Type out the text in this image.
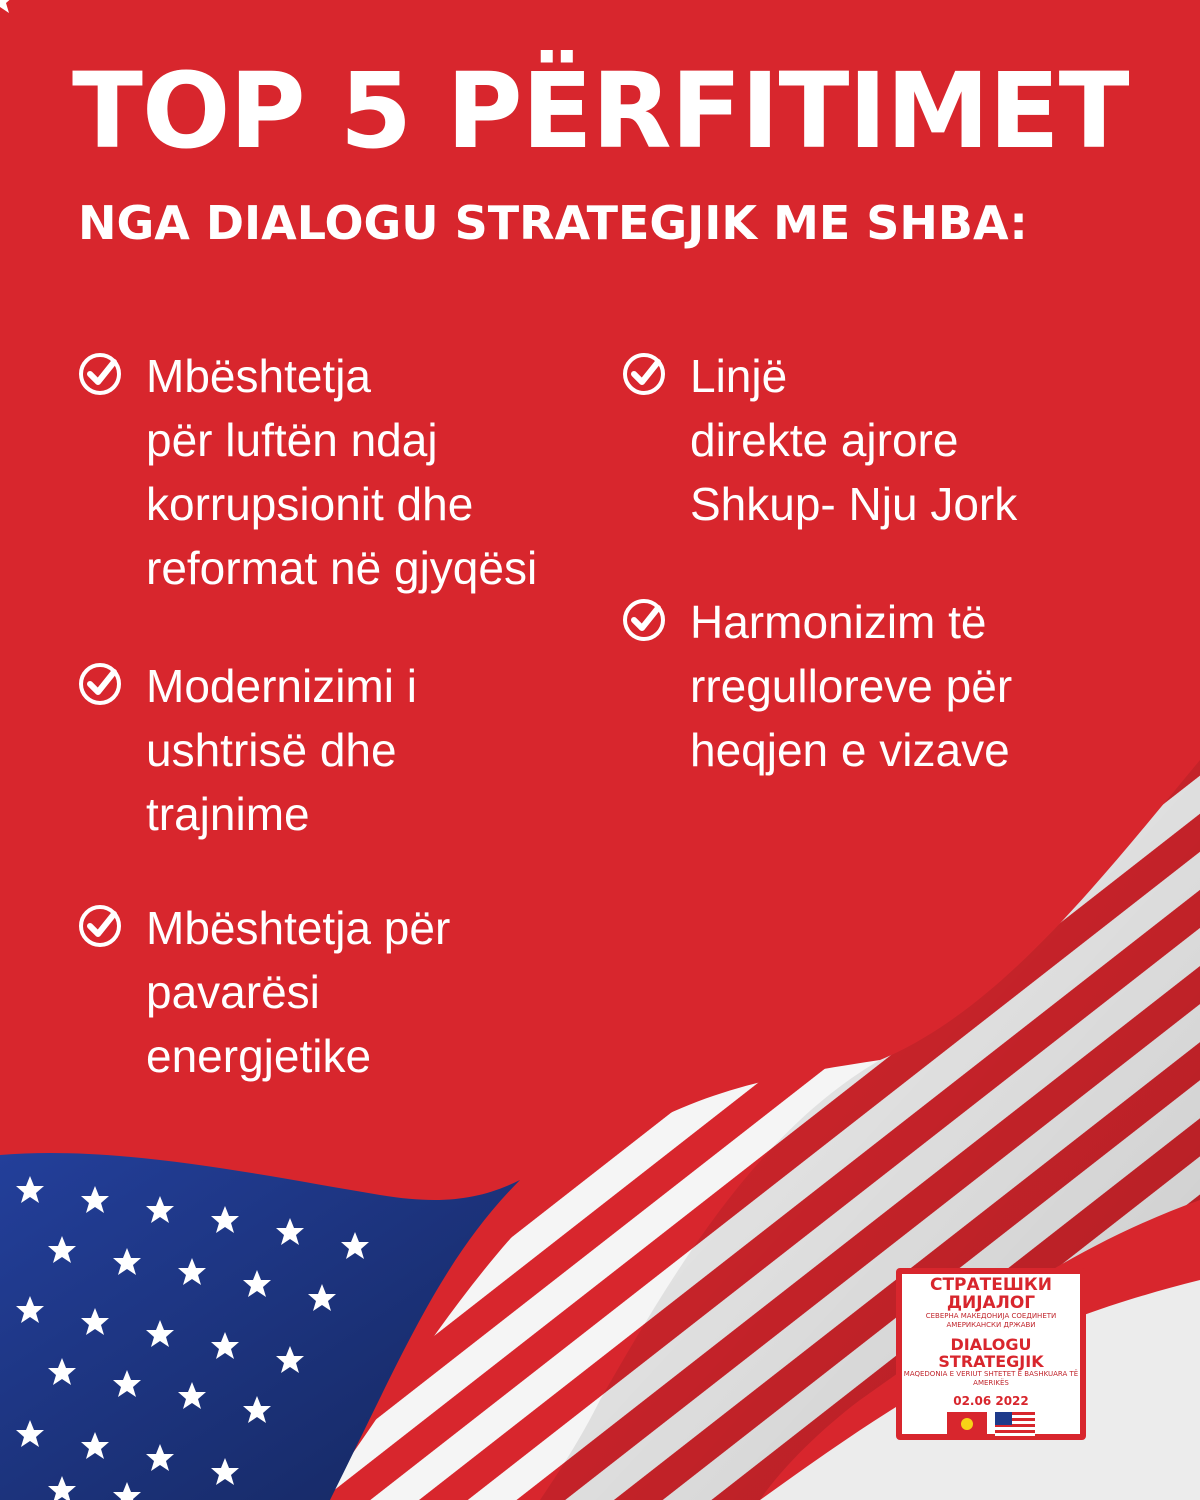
TOP 5 PËRFITIMET
NGA DIALOGU STRATEGJIK ME SHBA:
Mbështetja
për luftën ndaj
korrupsionit dhe
reformat në gjyqësi
Modernizimi i
ushtrisë dhe
trajnime
Mbështetja për
pavarësi
energjetike
Linjë
direkte ajrore
Shkup- Nju Jork
Harmonizim të
rregulloreve për
heqjen e vizave
СТРАТЕШКИ ДИЈАЛОГ
СЕВЕРНА МАКЕДОНИЈА СОЕДИНЕТИ АМЕРИКАНСКИ ДРЖАВИ
DIALOGU STRATEGJIK
MAQEDONIA E VERIUT SHTETET E BASHKUARA TË AMERIKËS
02.06 2022
